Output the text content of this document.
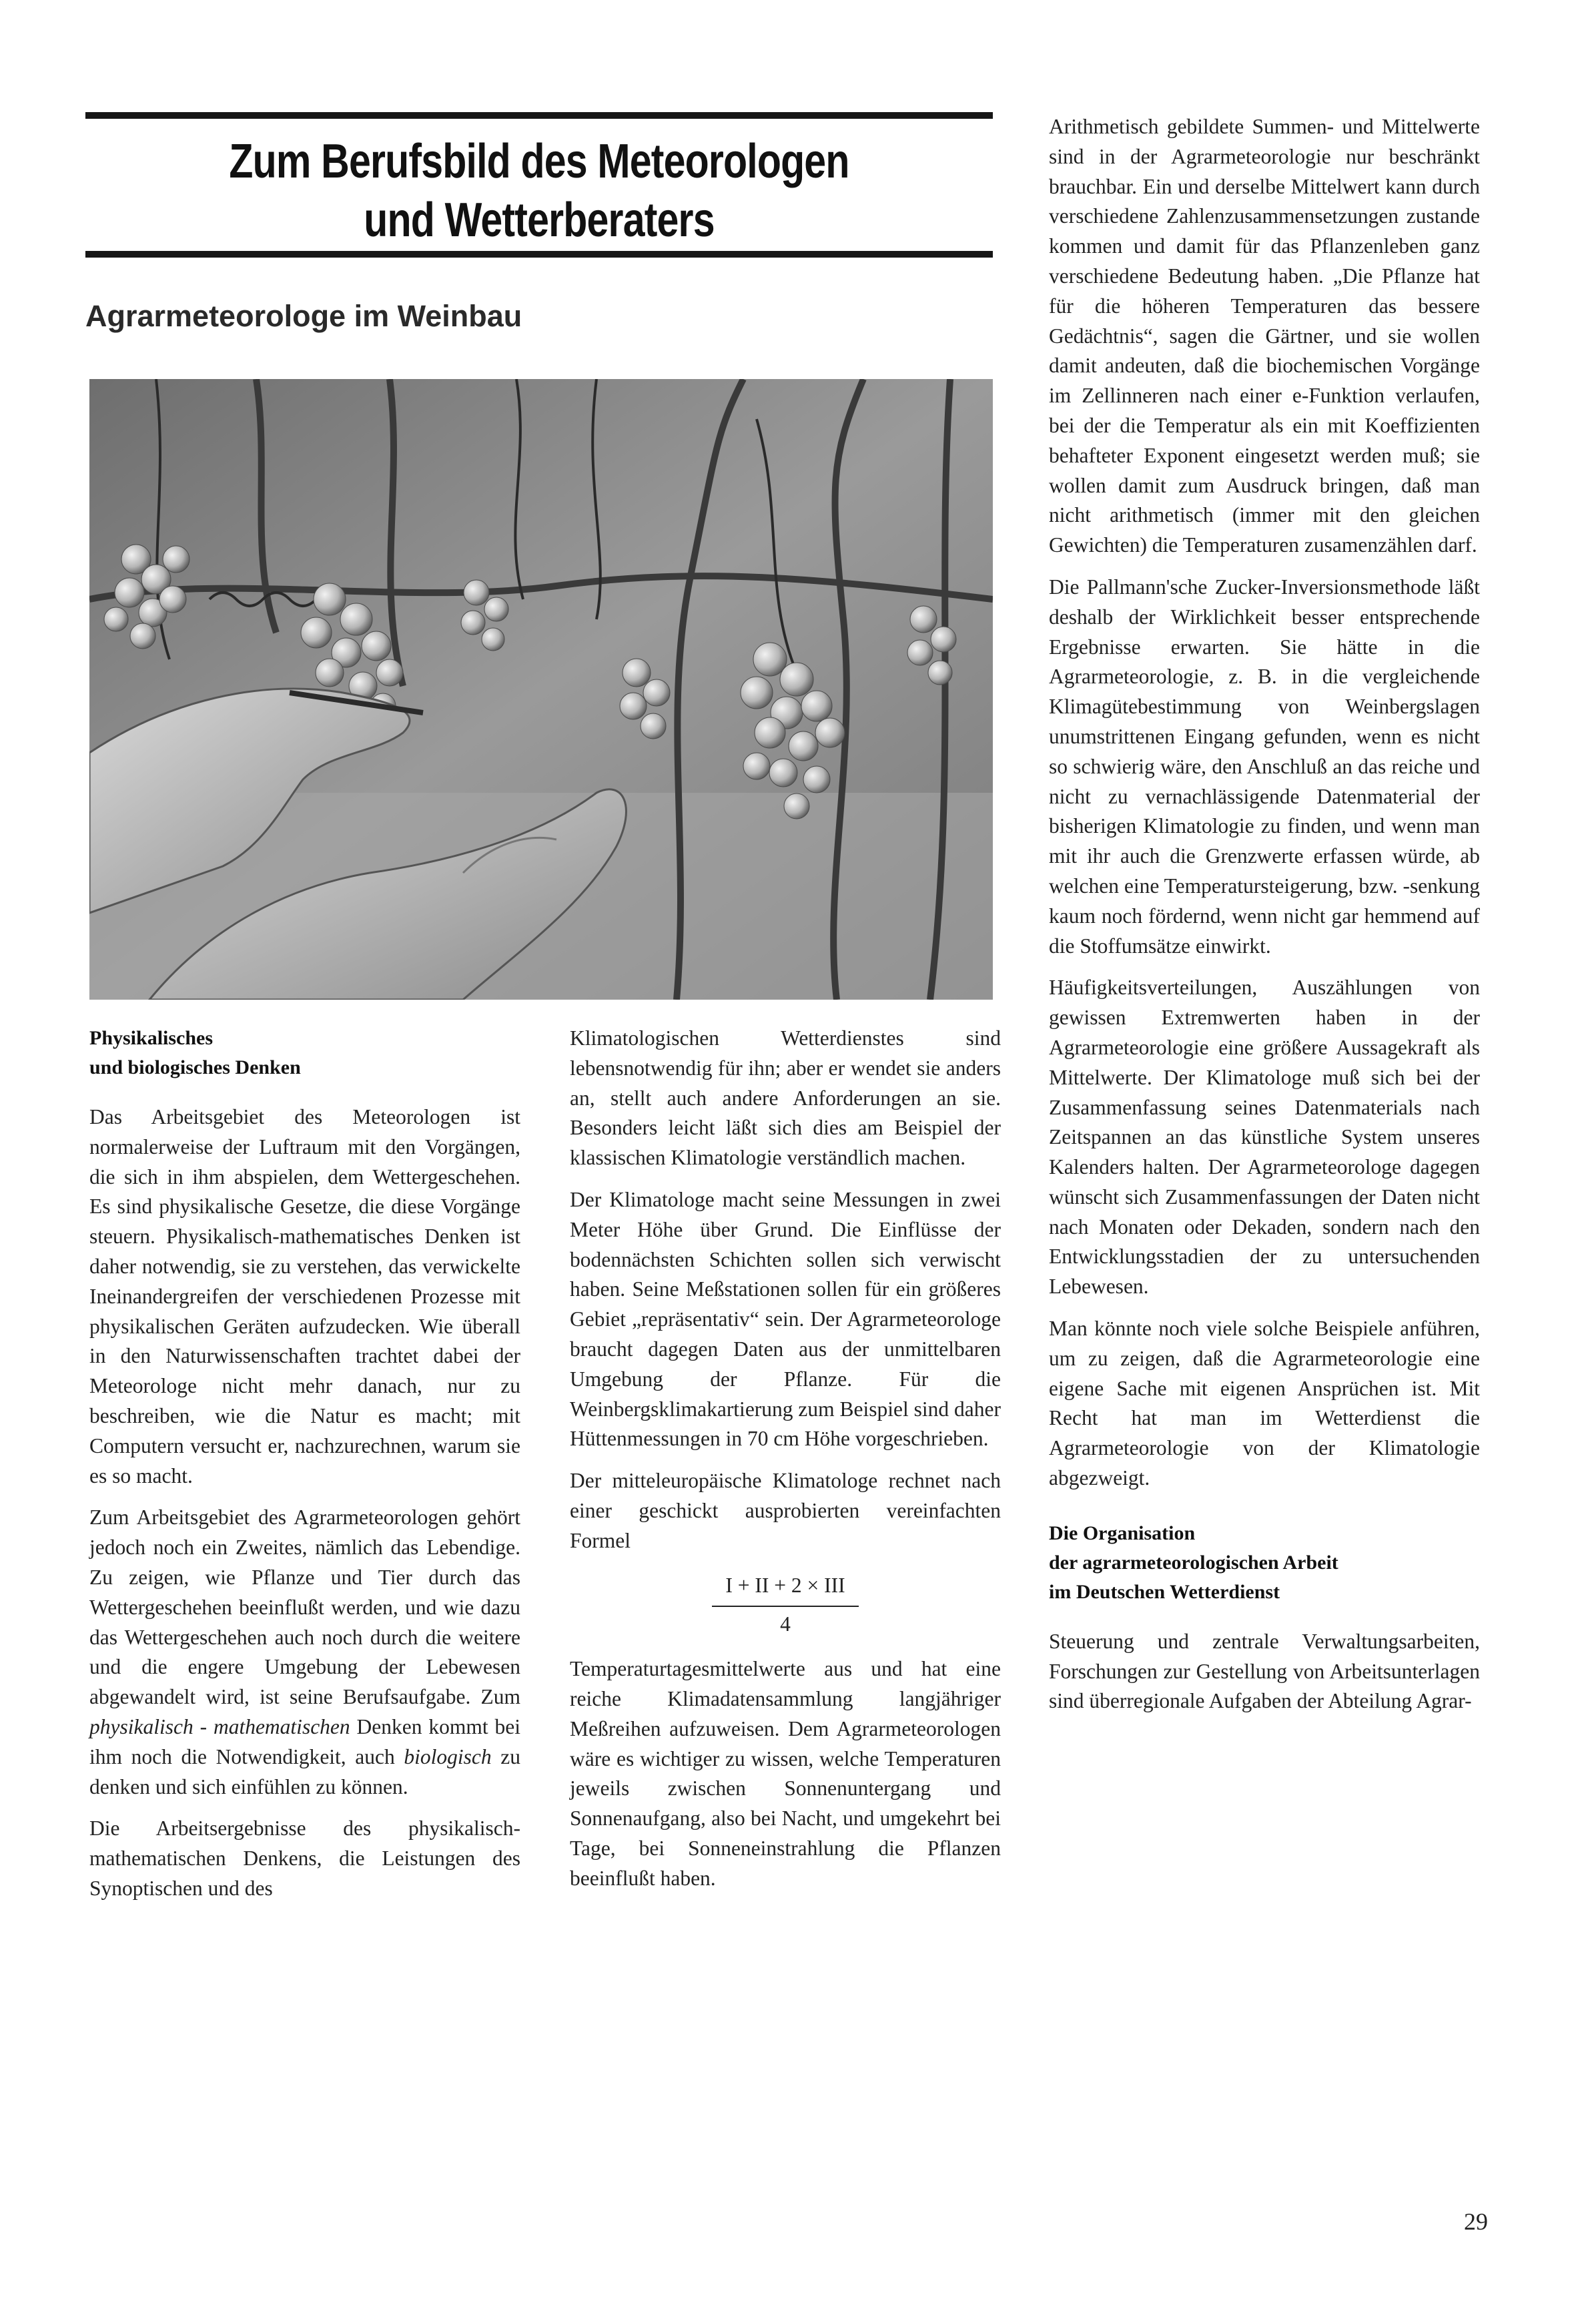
Zum Berufsbild des Meteorologen
und Wetterberaters
Agrarmeteorologe im Weinbau
Physikalisches
und biologisches Denken

Das Arbeitsgebiet des Meteorologen ist normalerweise der Luftraum mit den Vorgängen, die sich in ihm abspielen, dem Wettergeschehen. Es sind physikalische Gesetze, die diese Vorgänge steuern. Physikalisch-mathematisches Denken ist daher notwendig, sie zu verstehen, das verwickelte Ineinandergreifen der verschiedenen Prozesse mit physikalischen Geräten aufzudecken. Wie überall in den Naturwissenschaften trachtet dabei der Meteorologe nicht mehr danach, nur zu beschreiben, wie die Natur es macht; mit Computern versucht er, nachzurechnen, warum sie es so macht.

Zum Arbeitsgebiet des Agrarmeteorologen gehört jedoch noch ein Zweites, nämlich das Lebendige. Zu zeigen, wie Pflanze und Tier durch das Wettergeschehen beeinflußt werden, und wie dazu das Wettergeschehen auch noch durch die weitere und die engere Umgebung der Lebewesen abgewandelt wird, ist seine Berufsaufgabe. Zum physikalisch - mathematischen Denken kommt bei ihm noch die Notwendigkeit, auch biologisch zu denken und sich einfühlen zu können.

Die Arbeitsergebnisse des physikalisch-mathematischen Denkens, die Leistungen des Synoptischen und des

Klimatologischen Wetterdienstes sind lebensnotwendig für ihn; aber er wendet sie anders an, stellt auch andere Anforderungen an sie. Besonders leicht läßt sich dies am Beispiel der klassischen Klimatologie verständlich machen.

Der Klimatologe macht seine Messungen in zwei Meter Höhe über Grund. Die Einflüsse der bodennächsten Schichten sollen sich verwischt haben. Seine Meßstationen sollen für ein größeres Gebiet „repräsentativ“ sein. Der Agrarmeteorologe braucht dagegen Daten aus der unmittelbaren Umgebung der Pflanze. Für die Weinbergsklimakartierung zum Beispiel sind daher Hüttenmessungen in 70 cm Höhe vorgeschrieben.

Der mitteleuropäische Klimatologe rechnet nach einer geschickt ausprobierten vereinfachten Formel

I + II + 2 × III
4

Temperaturtagesmittelwerte aus und hat eine reiche Klimadatensammlung langjähriger Meßreihen aufzuweisen. Dem Agrarmeteorologen wäre es wichtiger zu wissen, welche Temperaturen jeweils zwischen Sonnenuntergang und Sonnenaufgang, also bei Nacht, und umgekehrt bei Tage, bei Sonneneinstrahlung die Pflanzen beeinflußt haben.

Arithmetisch gebildete Summen- und Mittelwerte sind in der Agrarmeteorologie nur beschränkt brauchbar. Ein und derselbe Mittelwert kann durch verschiedene Zahlenzusammensetzungen zustande kommen und damit für das Pflanzenleben ganz verschiedene Bedeutung haben. „Die Pflanze hat für die höheren Temperaturen das bessere Gedächtnis“, sagen die Gärtner, und sie wollen damit andeuten, daß die biochemischen Vorgänge im Zellinneren nach einer e-Funktion verlaufen, bei der die Temperatur als ein mit Koeffizienten behafteter Exponent eingesetzt werden muß; sie wollen damit zum Ausdruck bringen, daß man nicht arithmetisch (immer mit den gleichen Gewichten) die Temperaturen zusamenzählen darf.

Die Pallmann'sche Zucker-Inversionsmethode läßt deshalb der Wirklichkeit besser entsprechende Ergebnisse erwarten. Sie hätte in die Agrarmeteorologie, z. B. in die vergleichende Klimagütebestimmung von Weinbergslagen unumstrittenen Eingang gefunden, wenn es nicht so schwierig wäre, den Anschluß an das reiche und nicht zu vernachlässigende Datenmaterial der bisherigen Klimatologie zu finden, und wenn man mit ihr auch die Grenzwerte erfassen würde, ab welchen eine Temperatursteigerung, bzw. -senkung kaum noch fördernd, wenn nicht gar hemmend auf die Stoffumsätze einwirkt.

Häufigkeitsverteilungen, Auszählungen von gewissen Extremwerten haben in der Agrarmeteorologie eine größere Aussagekraft als Mittelwerte. Der Klimatologe muß sich bei der Zusammenfassung seines Datenmaterials nach Zeitspannen an das künstliche System unseres Kalenders halten. Der Agrarmeteorologe dagegen wünscht sich Zusammenfassungen der Daten nicht nach Monaten oder Dekaden, sondern nach den Entwicklungsstadien der zu untersuchenden Lebewesen.

Man könnte noch viele solche Beispiele anführen, um zu zeigen, daß die Agrarmeteorologie eine eigene Sache mit eigenen Ansprüchen ist. Mit Recht hat man im Wetterdienst die Agrarmeteorologie von der Klimatologie abgezweigt.

Die Organisation
der agrarmeteorologischen Arbeit
im Deutschen Wetterdienst

Steuerung und zentrale Verwaltungsarbeiten, Forschungen zur Gestellung von Arbeitsunterlagen sind überregionale Aufgaben der Abteilung Agrar-

29
